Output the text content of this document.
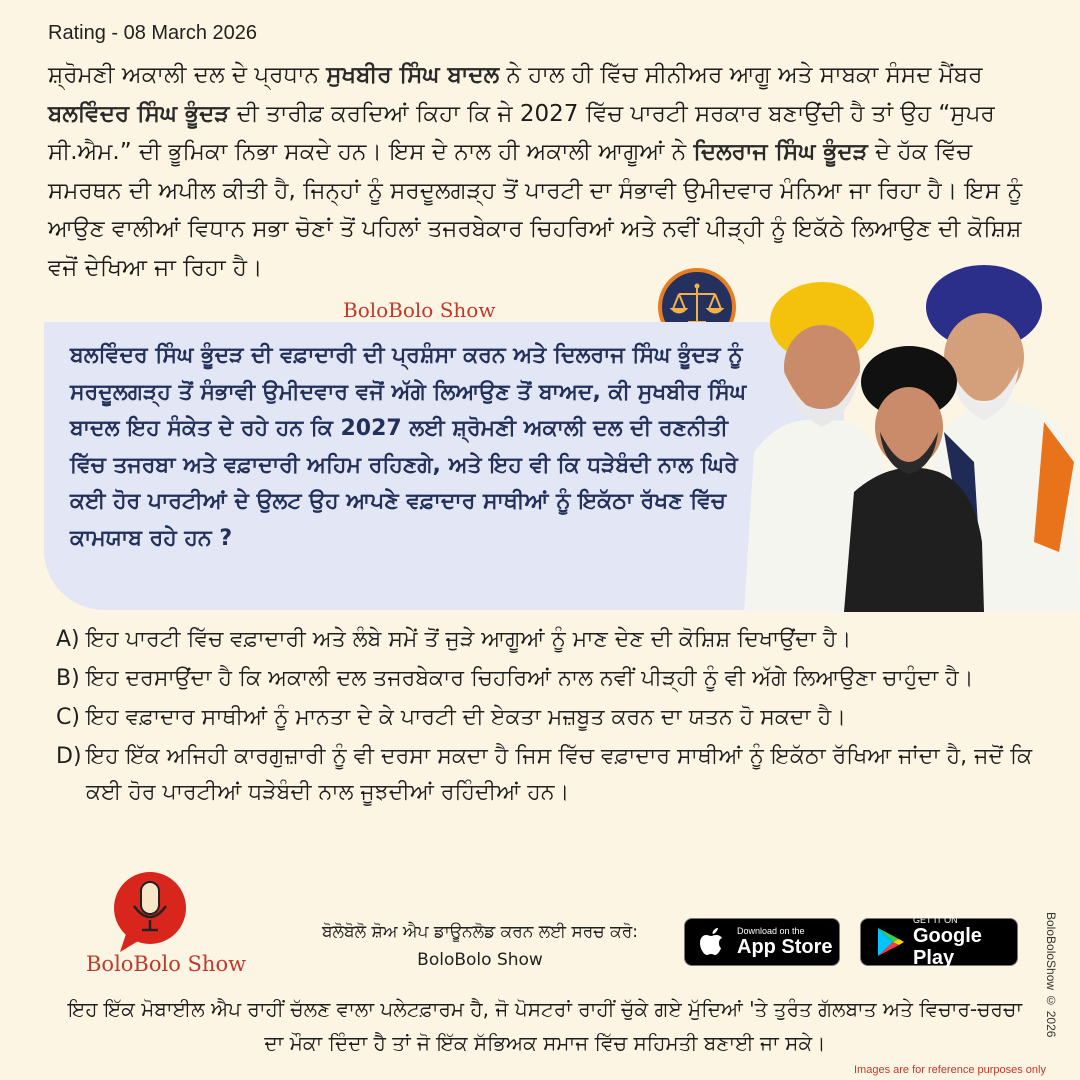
Rating - 08 March 2026

ਸ਼੍ਰੋਮਣੀ ਅਕਾਲੀ ਦਲ ਦੇ ਪ੍ਰਧਾਨ ਸੁਖਬੀਰ ਸਿੰਘ ਬਾਦਲ ਨੇ ਹਾਲ ਹੀ ਵਿੱਚ ਸੀਨੀਅਰ ਆਗੂ ਅਤੇ ਸਾਬਕਾ ਸੰਸਦ ਮੈਂਬਰ ਬਲਵਿੰਦਰ ਸਿੰਘ ਭੂੰਦੜ ਦੀ ਤਾਰੀਫ਼ ਕਰਦਿਆਂ ਕਿਹਾ ਕਿ ਜੇ 2027 ਵਿੱਚ ਪਾਰਟੀ ਸਰਕਾਰ ਬਣਾਉਂਦੀ ਹੈ ਤਾਂ ਉਹ “ਸੁਪਰ ਸੀ.ਐਮ.” ਦੀ ਭੂਮਿਕਾ ਨਿਭਾ ਸਕਦੇ ਹਨ। ਇਸ ਦੇ ਨਾਲ ਹੀ ਅਕਾਲੀ ਆਗੂਆਂ ਨੇ ਦਿਲਰਾਜ ਸਿੰਘ ਭੂੰਦੜ ਦੇ ਹੱਕ ਵਿੱਚ ਸਮਰਥਨ ਦੀ ਅਪੀਲ ਕੀਤੀ ਹੈ, ਜਿਨ੍ਹਾਂ ਨੂੰ ਸਰਦੂਲਗੜ੍ਹ ਤੋਂ ਪਾਰਟੀ ਦਾ ਸੰਭਾਵੀ ਉਮੀਦਵਾਰ ਮੰਨਿਆ ਜਾ ਰਿਹਾ ਹੈ। ਇਸ ਨੂੰ ਆਉਣ ਵਾਲੀਆਂ ਵਿਧਾਨ ਸਭਾ ਚੋਣਾਂ ਤੋਂ ਪਹਿਲਾਂ ਤਜਰਬੇਕਾਰ ਚਿਹਰਿਆਂ ਅਤੇ ਨਵੀਂ ਪੀੜ੍ਹੀ ਨੂੰ ਇਕੱਠੇ ਲਿਆਉਣ ਦੀ ਕੋਸ਼ਿਸ਼ ਵਜੋਂ ਦੇਖਿਆ ਜਾ ਰਿਹਾ ਹੈ।

BoloBolo Show

ਬਲਵਿੰਦਰ ਸਿੰਘ ਭੂੰਦੜ ਦੀ ਵਫ਼ਾਦਾਰੀ ਦੀ ਪ੍ਰਸ਼ੰਸਾ ਕਰਨ ਅਤੇ ਦਿਲਰਾਜ ਸਿੰਘ ਭੂੰਦੜ ਨੂੰ ਸਰਦੂਲਗੜ੍ਹ ਤੋਂ ਸੰਭਾਵੀ ਉਮੀਦਵਾਰ ਵਜੋਂ ਅੱਗੇ ਲਿਆਉਣ ਤੋਂ ਬਾਅਦ, ਕੀ ਸੁਖਬੀਰ ਸਿੰਘ ਬਾਦਲ ਇਹ ਸੰਕੇਤ ਦੇ ਰਹੇ ਹਨ ਕਿ 2027 ਲਈ ਸ਼੍ਰੋਮਣੀ ਅਕਾਲੀ ਦਲ ਦੀ ਰਣਨੀਤੀ ਵਿੱਚ ਤਜਰਬਾ ਅਤੇ ਵਫ਼ਾਦਾਰੀ ਅਹਿਮ ਰਹਿਣਗੇ, ਅਤੇ ਇਹ ਵੀ ਕਿ ਧੜੇਬੰਦੀ ਨਾਲ ਘਿਰੇ ਕਈ ਹੋਰ ਪਾਰਟੀਆਂ ਦੇ ਉਲਟ ਉਹ ਆਪਣੇ ਵਫ਼ਾਦਾਰ ਸਾਥੀਆਂ ਨੂੰ ਇਕੱਠਾ ਰੱਖਣ ਵਿੱਚ ਕਾਮਯਾਬ ਰਹੇ ਹਨ ?

A) ਇਹ ਪਾਰਟੀ ਵਿੱਚ ਵਫ਼ਾਦਾਰੀ ਅਤੇ ਲੰਬੇ ਸਮੇਂ ਤੋਂ ਜੁੜੇ ਆਗੂਆਂ ਨੂੰ ਮਾਣ ਦੇਣ ਦੀ ਕੋਸ਼ਿਸ਼ ਦਿਖਾਉਂਦਾ ਹੈ।
B) ਇਹ ਦਰਸਾਉਂਦਾ ਹੈ ਕਿ ਅਕਾਲੀ ਦਲ ਤਜਰਬੇਕਾਰ ਚਿਹਰਿਆਂ ਨਾਲ ਨਵੀਂ ਪੀੜ੍ਹੀ ਨੂੰ ਵੀ ਅੱਗੇ ਲਿਆਉਣਾ ਚਾਹੁੰਦਾ ਹੈ।
C) ਇਹ ਵਫ਼ਾਦਾਰ ਸਾਥੀਆਂ ਨੂੰ ਮਾਨਤਾ ਦੇ ਕੇ ਪਾਰਟੀ ਦੀ ਏਕਤਾ ਮਜ਼ਬੂਤ ਕਰਨ ਦਾ ਯਤਨ ਹੋ ਸਕਦਾ ਹੈ।
D) ਇਹ ਇੱਕ ਅਜਿਹੀ ਕਾਰਗੁਜ਼ਾਰੀ ਨੂੰ ਵੀ ਦਰਸਾ ਸਕਦਾ ਹੈ ਜਿਸ ਵਿੱਚ ਵਫ਼ਾਦਾਰ ਸਾਥੀਆਂ ਨੂੰ ਇਕੱਠਾ ਰੱਖਿਆ ਜਾਂਦਾ ਹੈ, ਜਦੋਂ ਕਿ ਕਈ ਹੋਰ ਪਾਰਟੀਆਂ ਧੜੇਬੰਦੀ ਨਾਲ ਜੂਝਦੀਆਂ ਰਹਿੰਦੀਆਂ ਹਨ।
BoloBolo Show
ਬੋਲੋਬੋਲੋ ਸ਼ੋਅ ਐਪ ਡਾਊਨਲੋਡ ਕਰਨ ਲਈ ਸਰਚ ਕਰੋ:
BoloBolo Show
Download on the
App Store
GET IT ON
Google Play

ਇਹ ਇੱਕ ਮੋਬਾਈਲ ਐਪ ਰਾਹੀਂ ਚੱਲਣ ਵਾਲਾ ਪਲੇਟਫ਼ਾਰਮ ਹੈ, ਜੋ ਪੋਸਟਰਾਂ ਰਾਹੀਂ ਚੁੱਕੇ ਗਏ ਮੁੱਦਿਆਂ 'ਤੇ ਤੁਰੰਤ ਗੱਲਬਾਤ ਅਤੇ ਵਿਚਾਰ-ਚਰਚਾ ਦਾ ਮੌਕਾ ਦਿੰਦਾ ਹੈ ਤਾਂ ਜੋ ਇੱਕ ਸੱਭਿਅਕ ਸਮਾਜ ਵਿੱਚ ਸਹਿਮਤੀ ਬਣਾਈ ਜਾ ਸਕੇ।

BoloBoloShow © 2026
Images are for reference purposes only
